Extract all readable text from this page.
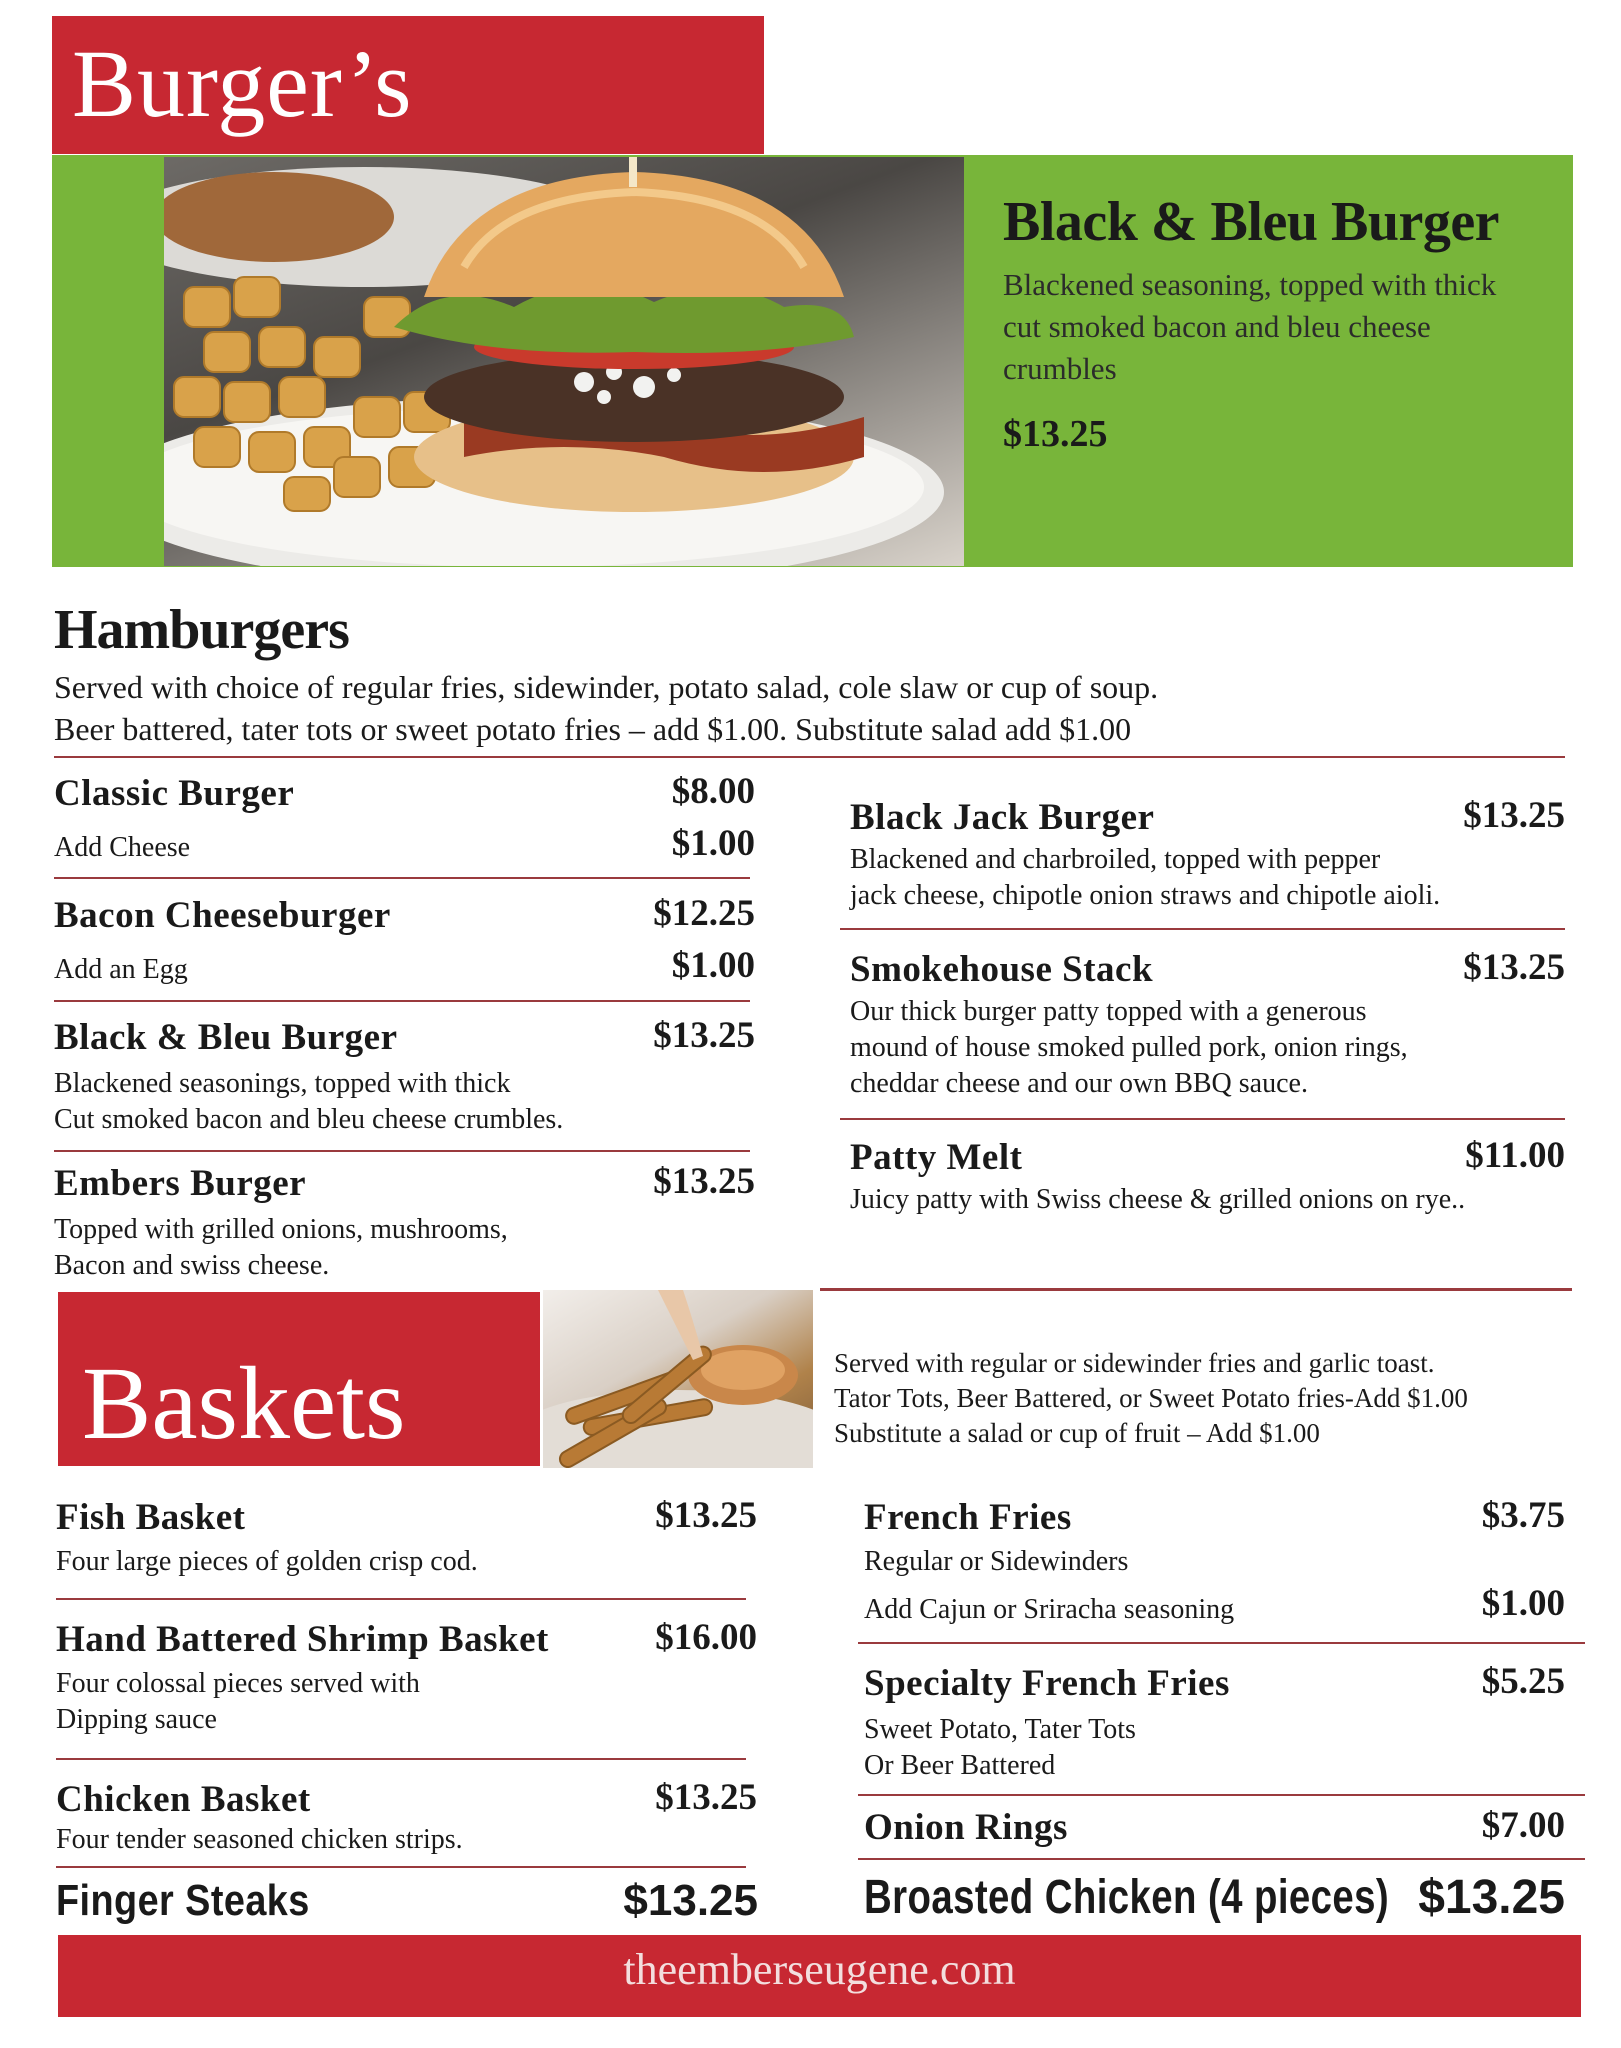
Burger’s
Black & Bleu Burger
Blackened seasoning, topped with thick cut smoked bacon and bleu cheese crumbles
$13.25
Hamburgers
Served with choice of regular fries, sidewinder, potato salad, cole slaw or cup of soup.
Beer battered, tater tots or sweet potato fries – add $1.00. Substitute salad add $1.00
Classic Burger	$8.00
Add Cheese	$1.00
Bacon Cheeseburger	$12.25
Add an Egg	$1.00
Black & Bleu Burger	$13.25
Blackened seasonings, topped with thick
Cut smoked bacon and bleu cheese crumbles.
Embers Burger	$13.25
Topped with grilled onions, mushrooms,
Bacon and swiss cheese.
Black Jack Burger	$13.25
Blackened and charbroiled, topped with pepper
jack cheese, chipotle onion straws and chipotle aioli.
Smokehouse Stack	$13.25
Our thick burger patty topped with a generous
mound of house smoked pulled pork, onion rings,
cheddar cheese and our own BBQ sauce.
Patty Melt	$11.00
Juicy patty with Swiss cheese & grilled onions on rye..
Baskets	Served with regular or sidewinder fries and garlic toast.
Tator Tots, Beer Battered, or Sweet Potato fries-Add $1.00
Substitute a salad or cup of fruit – Add $1.00
Fish Basket	$13.25
Four large pieces of golden crisp cod.
Hand Battered Shrimp Basket	$16.00
Four colossal pieces served with
Dipping sauce
Chicken Basket	$13.25
Four tender seasoned chicken strips.
Finger Steaks	$13.25
French Fries	$3.75
Regular or Sidewinders
Add Cajun or Sriracha seasoning	$1.00
Specialty French Fries	$5.25
Sweet Potato, Tater Tots
Or Beer Battered
Onion Rings	$7.00
Broasted Chicken (4 pieces) $13.25
theemberseugene.com
